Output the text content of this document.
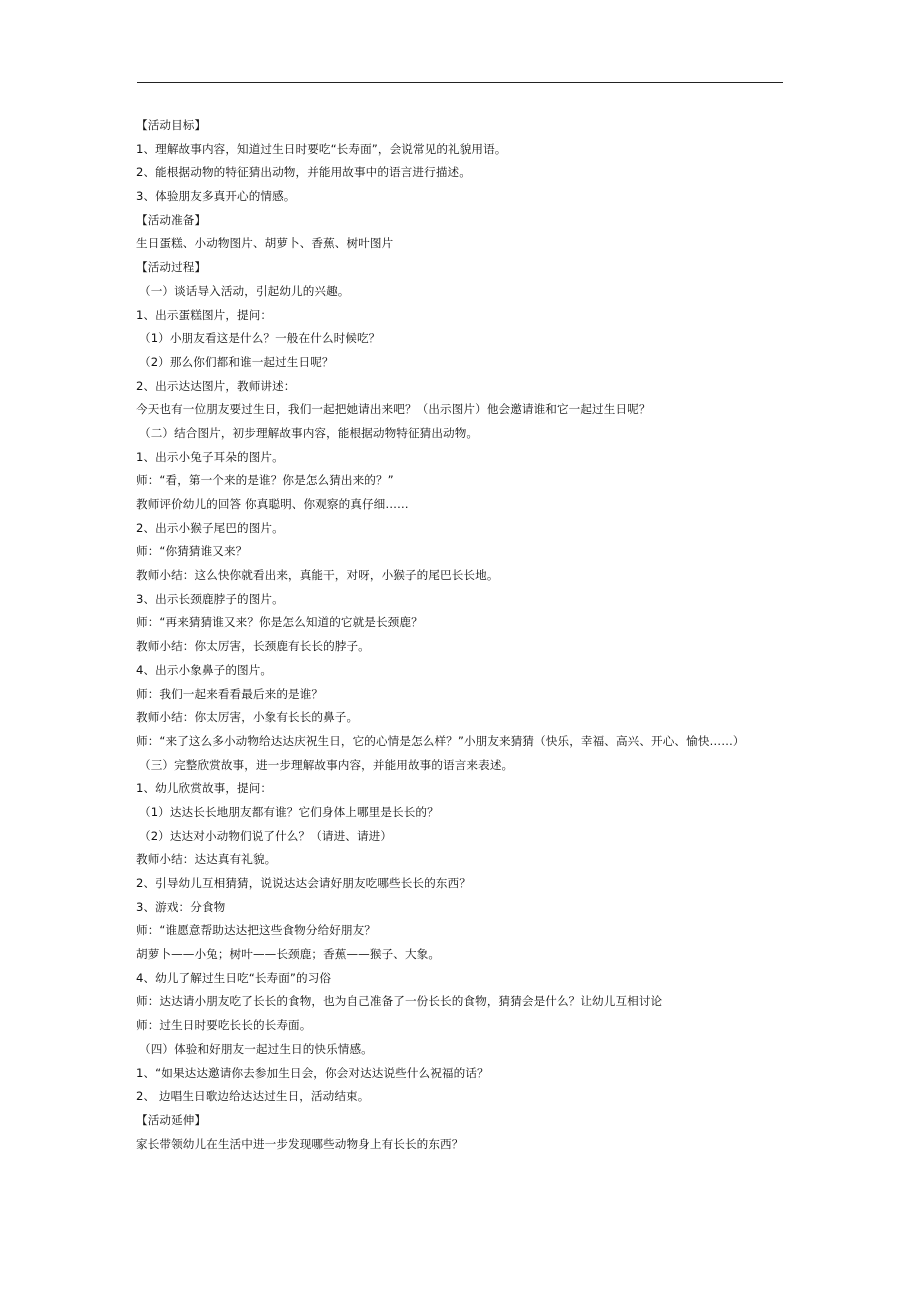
【活动目标】
1、理解故事内容，知道过生日时要吃“长寿面”，会说常见的礼貌用语。
2、能根据动物的特征猜出动物，并能用故事中的语言进行描述。
3、体验朋友多真开心的情感。
【活动准备】
生日蛋糕、小动物图片、胡萝卜、香蕉、树叶图片
【活动过程】
（一）谈话导入活动，引起幼儿的兴趣。
1、出示蛋糕图片，提问：
（1）小朋友看这是什么？一般在什么时候吃？
（2）那么你们都和谁一起过生日呢？
2、出示达达图片，教师讲述：
今天也有一位朋友要过生日，我们一起把她请出来吧？（出示图片）他会邀请谁和它一起过生日呢？
（二）结合图片，初步理解故事内容，能根据动物特征猜出动物。
1、出示小兔子耳朵的图片。
师：“看，第一个来的是谁？你是怎么猜出来的？”
教师评价幼儿的回答 你真聪明、你观察的真仔细……
2、出示小猴子尾巴的图片。
师：“你猜猜谁又来？
教师小结：这么快你就看出来，真能干，对呀，小猴子的尾巴长长地。
3、出示长颈鹿脖子的图片。
师：“再来猜猜谁又来？你是怎么知道的它就是长颈鹿？
教师小结：你太厉害，长颈鹿有长长的脖子。
4、出示小象鼻子的图片。
师：我们一起来看看最后来的是谁？
教师小结：你太厉害，小象有长长的鼻子。
师：“来了这么多小动物给达达庆祝生日，它的心情是怎么样？”小朋友来猜猜（快乐，幸福、高兴、开心、愉快……）
（三）完整欣赏故事，进一步理解故事内容，并能用故事的语言来表述。
1、幼儿欣赏故事，提问：
（1）达达长长地朋友都有谁？它们身体上哪里是长长的？
（2）达达对小动物们说了什么？（请进、请进）
教师小结：达达真有礼貌。
2、引导幼儿互相猜猜，说说达达会请好朋友吃哪些长长的东西？
3、游戏：分食物
师：“谁愿意帮助达达把这些食物分给好朋友？
胡萝卜——小兔；树叶——长颈鹿；香蕉——猴子、大象。
4、幼儿了解过生日吃“长寿面”的习俗
师：达达请小朋友吃了长长的食物，也为自己准备了一份长长的食物，猜猜会是什么？让幼儿互相讨论
师：过生日时要吃长长的长寿面。
（四）体验和好朋友一起过生日的快乐情感。
1、“如果达达邀请你去参加生日会，你会对达达说些什么祝福的话？
2、 边唱生日歌边给达达过生日，活动结束。
【活动延伸】
家长带领幼儿在生活中进一步发现哪些动物身上有长长的东西？
